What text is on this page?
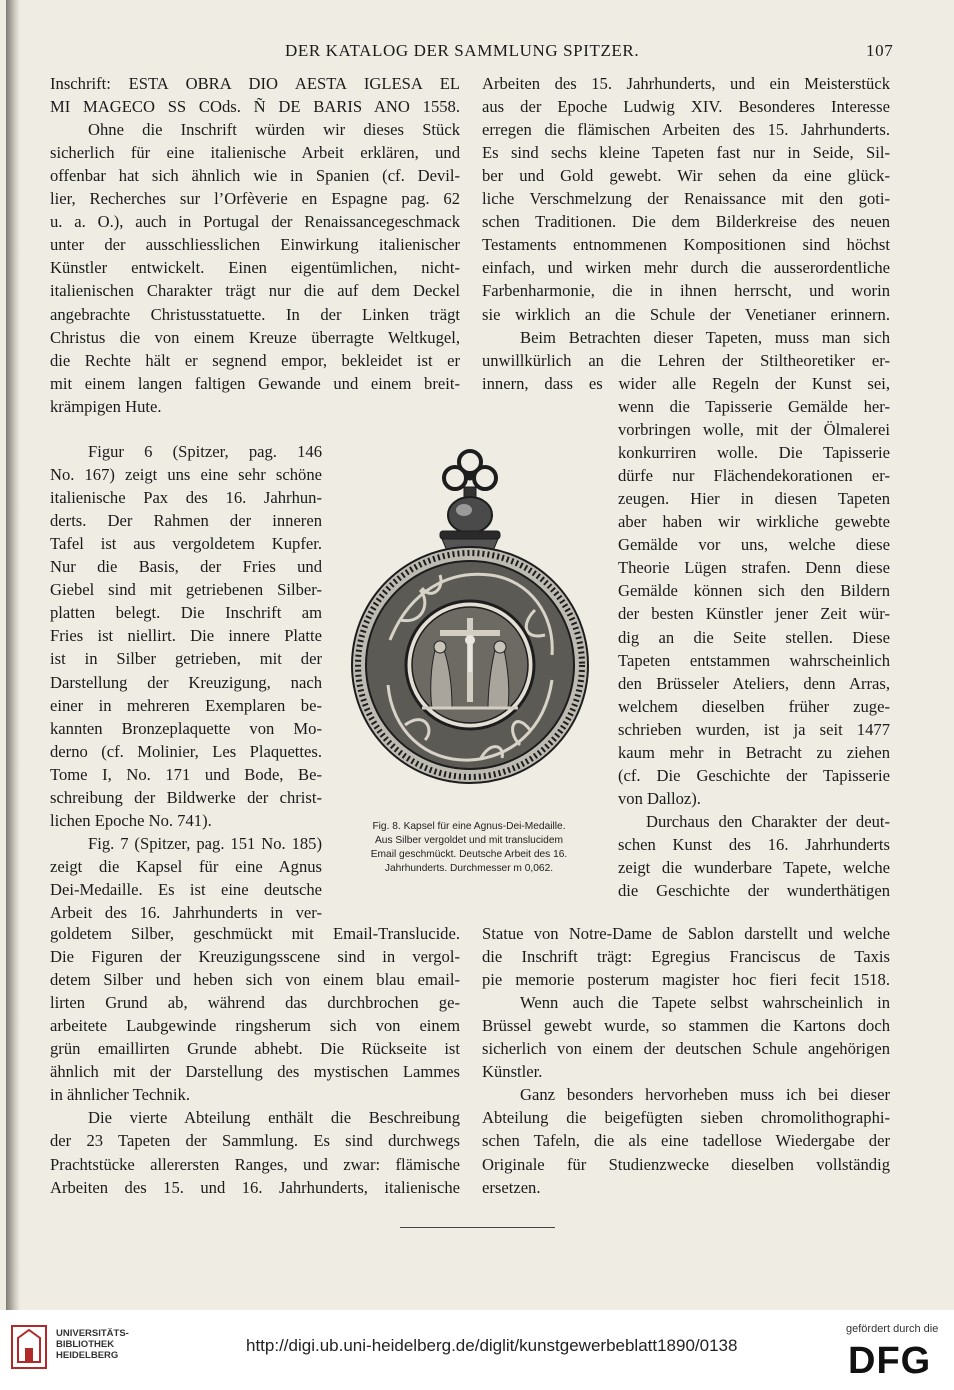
DER KATALOG DER SAMMLUNG SPITZER.	107
Inschrift: ESTA OBRA DIO AESTA IGLESA EL
MI MAGECO SS COds. Ñ DE BARIS ANO 1558.
Ohne die Inschrift würden wir dieses Stück
sicherlich für eine italienische Arbeit erklären, und
offenbar hat sich ähnlich wie in Spanien (cf. Devil-
lier, Recherches sur l’Orfèverie en Espagne pag. 62
u. a. O.), auch in Portugal der Renaissancegeschmack
unter der ausschliesslichen Einwirkung italienischer
Künstler entwickelt. Einen eigentümlichen, nicht-
italienischen Charakter trägt nur die auf dem Deckel
angebrachte Christusstatuette. In der Linken trägt
Christus die von einem Kreuze überragte Weltkugel,
die Rechte hält er segnend empor, bekleidet ist er
mit einem langen faltigen Gewande und einem breit-
krämpigen Hute.
Figur 6 (Spitzer, pag. 146
No. 167) zeigt uns eine sehr schöne
italienische Pax des 16. Jahrhun-
derts. Der Rahmen der inneren
Tafel ist aus vergoldetem Kupfer.
Nur die Basis, der Fries und
Giebel sind mit getriebenen Silber-
platten belegt. Die Inschrift am
Fries ist niellirt. Die innere Platte
ist in Silber getrieben, mit der
Darstellung der Kreuzigung, nach
einer in mehreren Exemplaren be-
kannten Bronzeplaquette von Mo-
derno (cf. Molinier, Les Plaquettes.
Tome I, No. 171 und Bode, Be-
schreibung der Bildwerke der christ-
lichen Epoche No. 741).
Fig. 7 (Spitzer, pag. 151 No. 185)
zeigt die Kapsel für eine Agnus
Dei-Medaille. Es ist eine deutsche
Arbeit des 16. Jahrhunderts in ver-
goldetem Silber, geschmückt mit Email-Translucide.
Die Figuren der Kreuzigungsscene sind in vergol-
detem Silber und heben sich von einem blau email-
lirten Grund ab, während das durchbrochen ge-
arbeitete Laubgewinde ringsherum sich von einem
grün emaillirten Grunde abhebt. Die Rückseite ist
ähnlich mit der Darstellung des mystischen Lammes
in ähnlicher Technik.
Die vierte Abteilung enthält die Beschreibung
der 23 Tapeten der Sammlung. Es sind durchwegs
Prachtstücke allerersten Ranges, und zwar: flämische
Arbeiten des 15. und 16. Jahrhunderts, italienische
Arbeiten des 15. Jahrhunderts, und ein Meisterstück
aus der Epoche Ludwig XIV. Besonderes Interesse
erregen die flämischen Arbeiten des 15. Jahrhunderts.
Es sind sechs kleine Tapeten fast nur in Seide, Sil-
ber und Gold gewebt. Wir sehen da eine glück-
liche Verschmelzung der Renaissance mit den goti-
schen Traditionen. Die dem Bilderkreise des neuen
Testaments entnommenen Kompositionen sind höchst
einfach, und wirken mehr durch die ausserordentliche
Farbenharmonie, die in ihnen herrscht, und worin
sie wirklich an die Schule der Venetianer erinnern.
Beim Betrachten dieser Tapeten, muss man sich
unwillkürlich an die Lehren der Stiltheoretiker er-
innern, dass es wider alle Regeln der Kunst sei,
wenn die Tapisserie Gemälde her-
vorbringen wolle, mit der Ölmalerei
konkurriren wolle. Die Tapisserie
dürfe nur Flächendekorationen er-
zeugen. Hier in diesen Tapeten
aber haben wir wirkliche gewebte
Gemälde vor uns, welche diese
Theorie Lügen strafen. Denn diese
Gemälde können sich den Bildern
der besten Künstler jener Zeit wür-
dig an die Seite stellen. Diese
Tapeten entstammen wahrscheinlich
den Brüsseler Ateliers, denn Arras,
welchem dieselben früher zuge-
schrieben wurden, ist ja seit 1477
kaum mehr in Betracht zu ziehen
(cf. Die Geschichte der Tapisserie
von Dalloz).
Durchaus den Charakter der deut-
schen Kunst des 16. Jahrhunderts
zeigt die wunderbare Tapete, welche
die Geschichte der wunderthätigen
Statue von Notre-Dame de Sablon darstellt und welche
die Inschrift trägt: Egregius Franciscus de Taxis
pie memorie posterum magister hoc fieri fecit 1518.
Wenn auch die Tapete selbst wahrscheinlich in
Brüssel gewebt wurde, so stammen die Kartons doch
sicherlich von einem der deutschen Schule angehörigen
Künstler.
Ganz besonders hervorheben muss ich bei dieser
Abteilung die beigefügten sieben chromolithographi-
schen Tafeln, die als eine tadellose Wiedergabe der
Originale für Studienzwecke dieselben vollständig
ersetzen.
Fig. 8. Kapsel für eine Agnus-Dei-Medaille.
Aus Silber vergoldet und mit translucidem
Email geschmückt. Deutsche Arbeit des 16.
Jahrhunderts. Durchmesser m 0,062.
UNIVERSITÄTS-
BIBLIOTHEK
HEIDELBERG
http://digi.ub.uni-heidelberg.de/diglit/kunstgewerbeblatt1890/0138
gefördert durch die
DFG
